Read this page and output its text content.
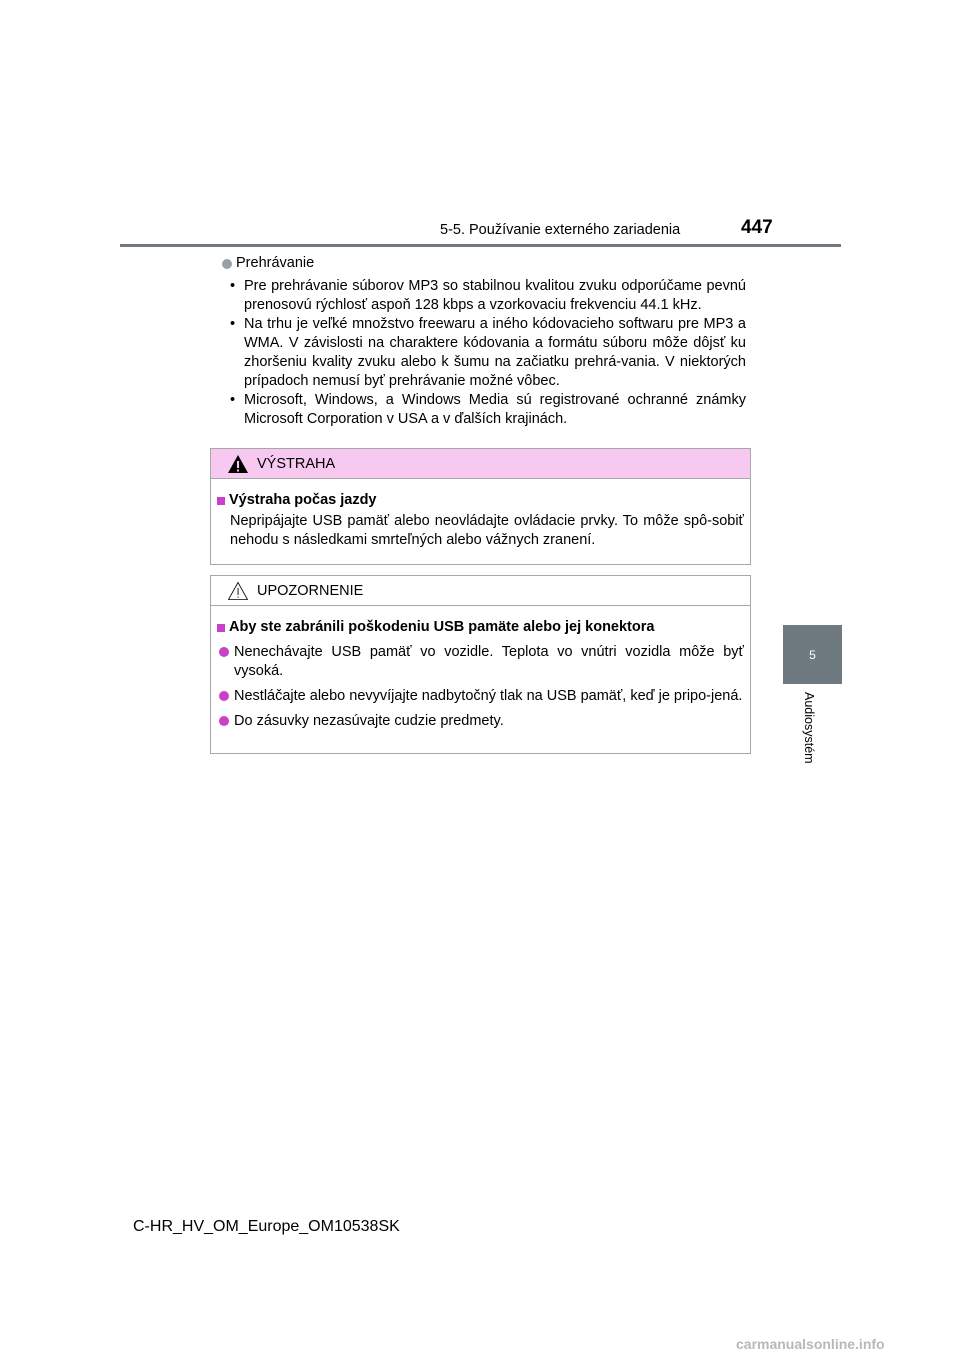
5-5. Používanie externého zariadenia	447
5
Audiosystém
Prehrávanie
• Pre prehrávanie súborov MP3 so stabilnou kvalitou zvuku odporúčame pevnú prenosovú rýchlosť aspoň 128 kbps a vzorkovaciu frekvenciu 44.1 kHz.
• Na trhu je veľké množstvo freewaru a iného kódovacieho softwaru pre MP3 a WMA. V závislosti na charaktere kódovania a formátu súboru môže dôjsť ku zhoršeniu kvality zvuku alebo k šumu na začiatku prehrá-vania. V niektorých prípadoch nemusí byť prehrávanie možné vôbec.
• Microsoft, Windows, a Windows Media sú registrované ochranné známky Microsoft Corporation v USA a v ďalších krajinách.
VÝSTRAHA
Výstraha počas jazdy
Nepripájajte USB pamäť alebo neovládajte ovládacie prvky. To môže spô-sobiť nehodu s následkami smrteľných alebo vážnych zranení.
UPOZORNENIE
Aby ste zabránili poškodeniu USB pamäte alebo jej konektora
Nenechávajte USB pamäť vo vozidle. Teplota vo vnútri vozidla môže byť vysoká.
Nestláčajte alebo nevyvíjajte nadbytočný tlak na USB pamäť, keď je pripo-jená.
Do zásuvky nezasúvajte cudzie predmety.
C-HR_HV_OM_Europe_OM10538SK
carmanualsonline.info
